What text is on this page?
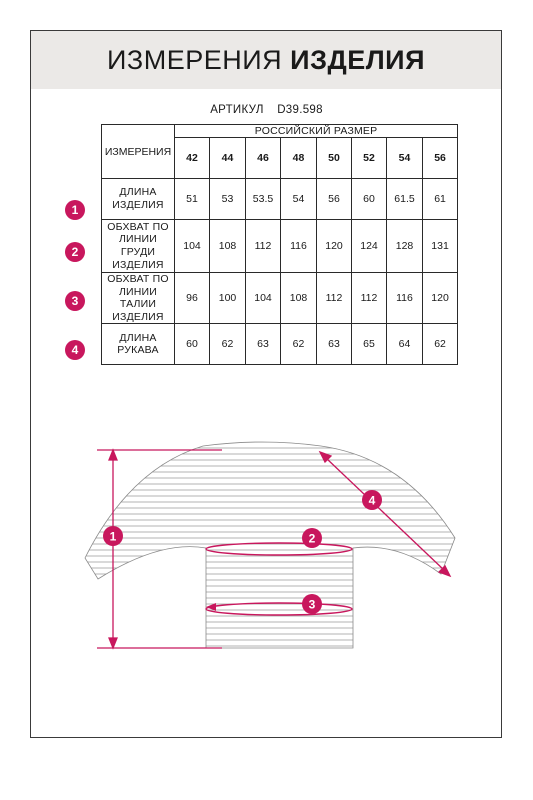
ИЗМЕРЕНИЯ ИЗДЕЛИЯ
АРТИКУЛ D39.598
ИЗМЕРЕНИЯ	РОССИЙСКИЙ РАЗМЕР							
	42	44	46	48	50	52	54	56
ДЛИНА ИЗДЕЛИЯ	51	53	53.5	54	56	60	61.5	61
ОБХВАТ ПО ЛИНИИ ГРУДИ ИЗДЕЛИЯ	104	108	112	116	120	124	128	131
ОБХВАТ ПО ЛИНИИ ТАЛИИ ИЗДЕЛИЯ	96	100	104	108	112	112	116	120
ДЛИНА РУКАВА	60	62	63	62	63	65	64	62
1
2
3
4
1	2
3
4
